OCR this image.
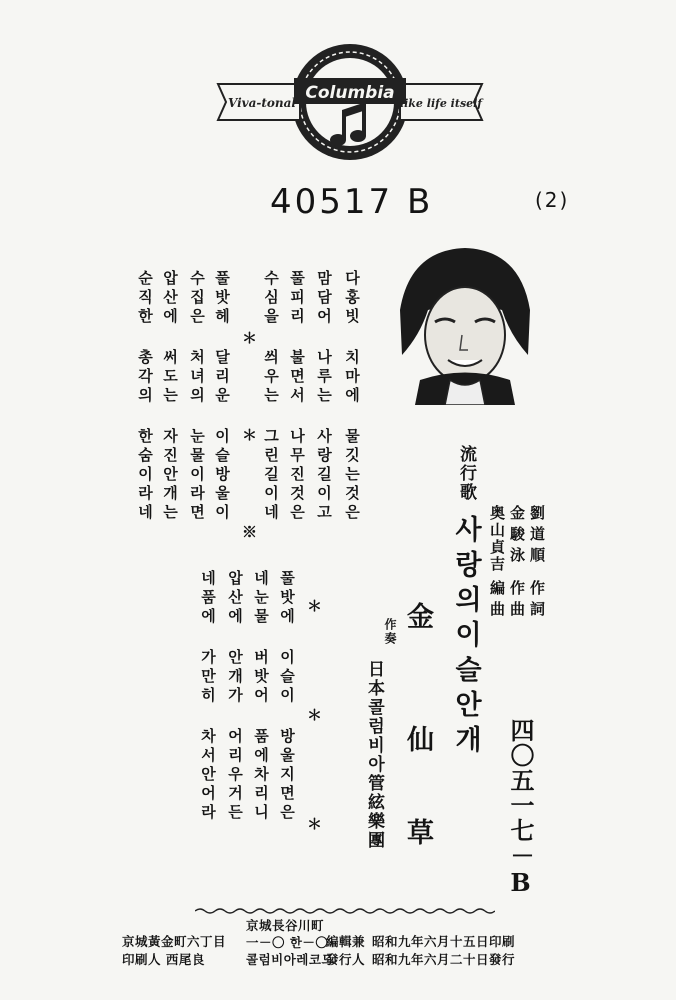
Columbia
Viva-tonal	like life itself
40517 B	(2)
다홍빗 치마에 물깃는것은
맘담어 나루는 사랑길이고
풀피리 불면서 나무진것은
수심을 씌우는 그린길이네
＊ ＊ ※
풀밧헤 달리운 이슬방울이
수집은 처녀의 눈물이라면
압산에 써도는 자진안개는
순직한 총각의 한숨이라네
＊ ＊ ＊
풀밧에 이슬이 방울지면은
네눈물 버밧어 품에차리니
압산에 안개가 어리우거든
네품에 가만히 차서안어라
流行歌
사랑의이슬안개	劉道順
作詞
金駿泳
作曲
奥山貞吉
編曲
金
仙
草
作奏
日本콜럼비아管絃樂團	四〇五一七－B
昭和九年六月十五日印刷
昭和九年六月二十日發行
編輯兼
發行人
京城長谷川町
一－〇 한－〇
콜럼비아레코드
京城黃金町六丁目
印刷人 西尾良
